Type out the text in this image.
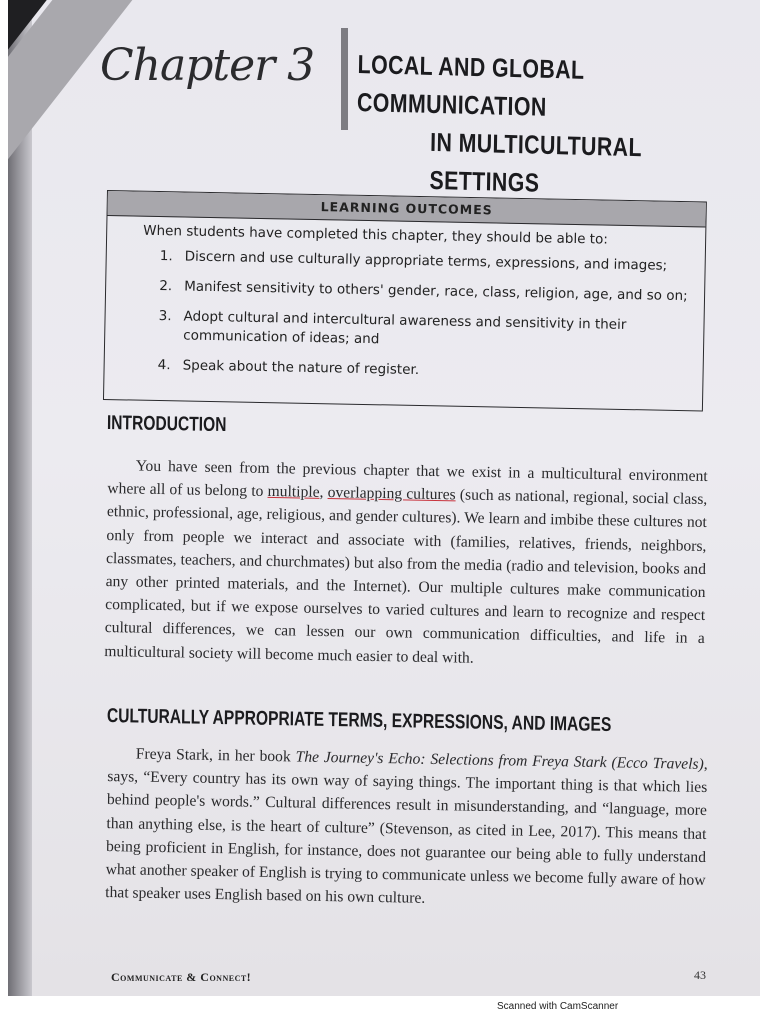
Chapter 3 LOCAL AND GLOBAL COMMUNICATION
IN MULTICULTURAL SETTINGS
LEARNING OUTCOMES
When students have completed this chapter, they should be able to:
1. Discern and use culturally appropriate terms, expressions, and images;
2. Manifest sensitivity to others' gender, race, class, religion, age, and so on;
3. Adopt cultural and intercultural awareness and sensitivity in their communication of ideas; and
4. Speak about the nature of register.
INTRODUCTION

You have seen from the previous chapter that we exist in a multicultural environment where all of us belong to multiple, overlapping cultures (such as national, regional, social class, ethnic, professional, age, religious, and gender cultures). We learn and imbibe these cultures not only from people we interact and associate with (families, relatives, friends, neighbors, classmates, teachers, and churchmates) but also from the media (radio and television, books and any other printed materials, and the Internet). Our multiple cultures make communication complicated, but if we expose ourselves to varied cultures and learn to recognize and respect cultural differences, we can lessen our own communication difficulties, and life in a multicultural society will become much easier to deal with.

CULTURALLY APPROPRIATE TERMS, EXPRESSIONS, AND IMAGES

Freya Stark, in her book The Journey's Echo: Selections from Freya Stark (Ecco Travels), says, “Every country has its own way of saying things. The important thing is that which lies behind people's words.” Cultural differences result in misunderstanding, and “language, more than anything else, is the heart of culture” (Stevenson, as cited in Lee, 2017). This means that being proficient in English, for instance, does not guarantee our being able to fully understand what another speaker of English is trying to communicate unless we become fully aware of how that speaker uses English based on his own culture.

Communicate & Connect!	43
Scanned with CamScanner
